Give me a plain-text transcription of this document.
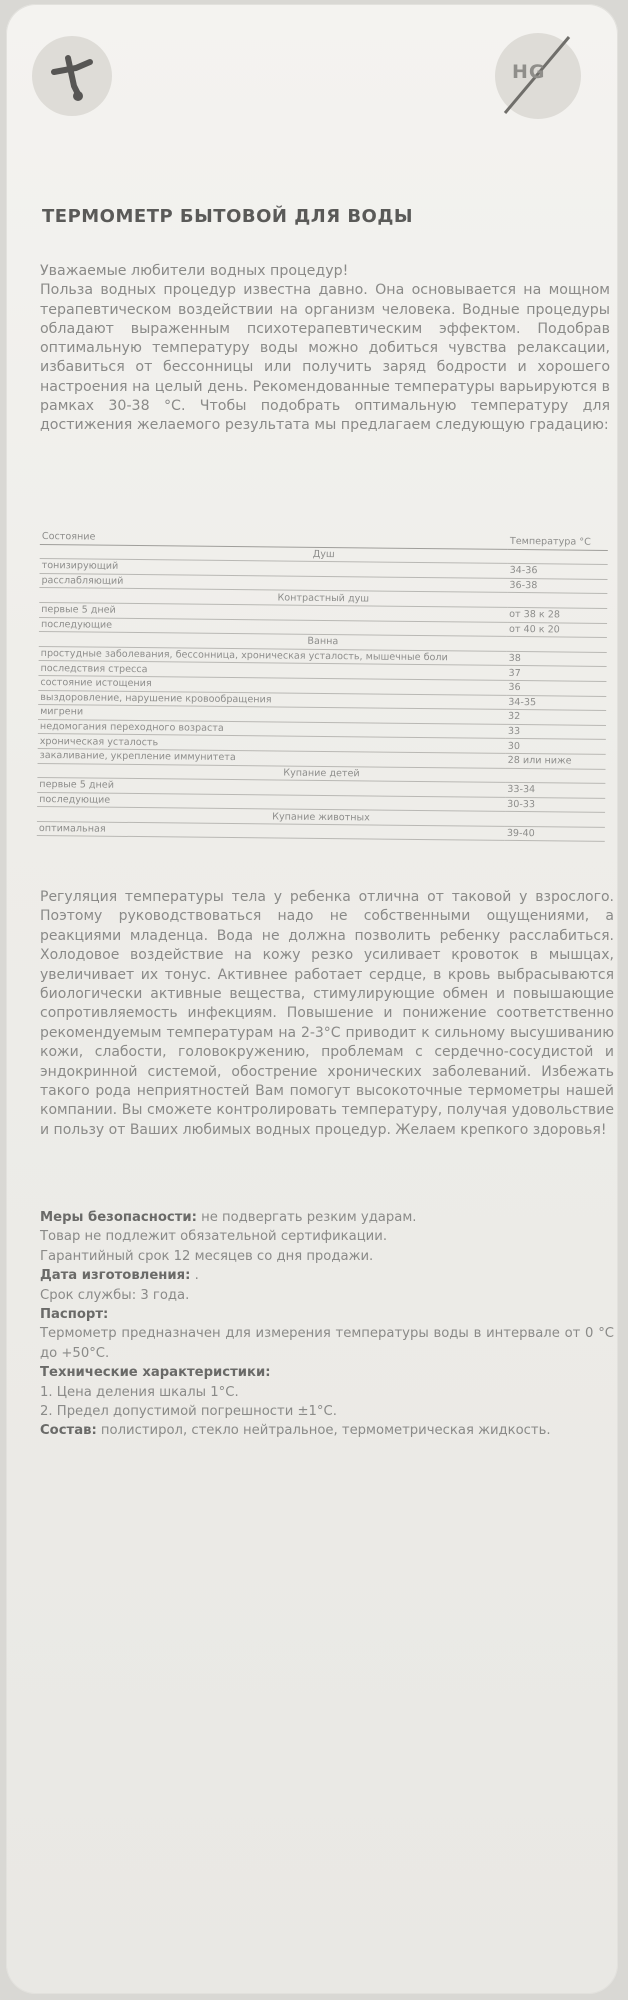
HG
ТЕРМОМЕТР БЫТОВОЙ ДЛЯ ВОДЫ

Уважаемые любители водных процедур!

Польза водных процедур известна давно. Она основывается на мощном терапевтическом воздействии на организм человека. Водные процедуры обладают выраженным психотерапевтическим эффектом. Подобрав оптимальную температуру воды можно добиться чувства релаксации, избавиться от бессонницы или получить заряд бодрости и хорошего настроения на целый день. Рекомендованные температуры варьируются в рамках 30-38 °С. Чтобы подобрать оптимальную температуру для достижения желаемого результата мы предлагаем следующую градацию:

Состояние	Температура °С
Душ	
тонизирующий	34-36
расслабляющий	36-38
Контрастный душ	
первые 5 дней	от 38 к 28
последующие	от 40 к 20
Ванна	
простудные заболевания, бессонница, хроническая усталость, мышечные боли	38
последствия стресса	37
состояние истощения	36
выздоровление, нарушение кровообращения	34-35
мигрени	32
недомогания переходного возраста	33
хроническая усталость	30
закаливание, укрепление иммунитета	28 или ниже
Купание детей	
первые 5 дней	33-34
последующие	30-33
Купание животных	
оптимальная	39-40

Регуляция температуры тела у ребенка отлична от таковой у взрослого. Поэтому руководствоваться надо не собственными ощущениями, а реакциями младенца. Вода не должна позволить ребенку расслабиться. Холодовое воздействие на кожу резко усиливает кровоток в мышцах, увеличивает их тонус. Активнее работает сердце, в кровь выбрасываются биологически активные вещества, стимулирующие обмен и повышающие сопротивляемость инфекциям. Повышение и понижение соответственно рекомендуемым температурам на 2-3°С приводит к сильному высушиванию кожи, слабости, головокружению, проблемам с сердечно-сосудистой и эндокринной системой, обострение хронических заболеваний. Избежать такого рода неприятностей Вам помогут высокоточные термометры нашей компании. Вы сможете контролировать температуру, получая удовольствие и пользу от Ваших любимых водных процедур. Желаем крепкого здоровья!

Меры безопасности: не подвергать резким ударам.

Товар не подлежит обязательной сертификации.

Гарантийный срок 12 месяцев со дня продажи.

Дата изготовления: .

Срок службы: 3 года.

Паспорт:

Термометр предназначен для измерения температуры воды в интервале от 0 °С до +50°С.

Технические характеристики:

1. Цена деления шкалы 1°С.

2. Предел допустимой погрешности ±1°С.

Состав: полистирол, стекло нейтральное, термометрическая жидкость.
